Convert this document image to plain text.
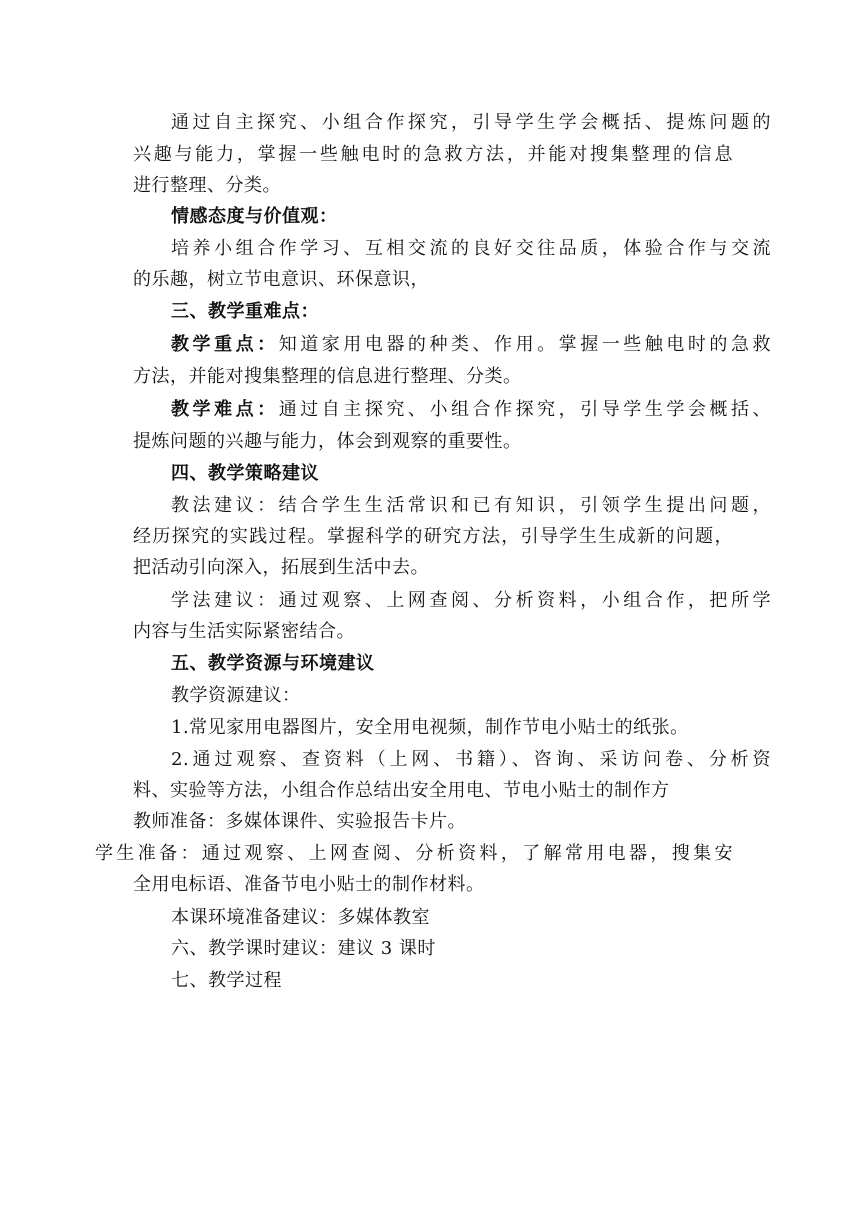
通过自主探究、小组合作探究，引导学生学会概括、提炼问题的
兴趣与能力，掌握一些触电时的急救方法，并能对搜集整理的信息
进行整理、分类。
情感态度与价值观：
培养小组合作学习、互相交流的良好交往品质，体验合作与交流
的乐趣，树立节电意识、环保意识，
三、教学重难点：
教学重点：知道家用电器的种类、作用。掌握一些触电时的急救
方法，并能对搜集整理的信息进行整理、分类。
教学难点：通过自主探究、小组合作探究，引导学生学会概括、
提炼问题的兴趣与能力，体会到观察的重要性。
四、教学策略建议
教法建议：结合学生生活常识和已有知识，引领学生提出问题，
经历探究的实践过程。掌握科学的研究方法，引导学生生成新的问题，
把活动引向深入，拓展到生活中去。
学法建议：通过观察、上网查阅、分析资料，小组合作，把所学
内容与生活实际紧密结合。
五、教学资源与环境建议
教学资源建议：
1.常见家用电器图片，安全用电视频，制作节电小贴士的纸张。
2.通过观察、查资料（上网、书籍）、咨询、采访问卷、分析资
料、实验等方法，小组合作总结出安全用电、节电小贴士的制作方
教师准备：多媒体课件、实验报告卡片。
学生准备：通过观察、上网查阅、分析资料，了解常用电器，搜集安
全用电标语、准备节电小贴士的制作材料。
本课环境准备建议：多媒体教室
六、教学课时建议：建议 3 课时
七、教学过程
